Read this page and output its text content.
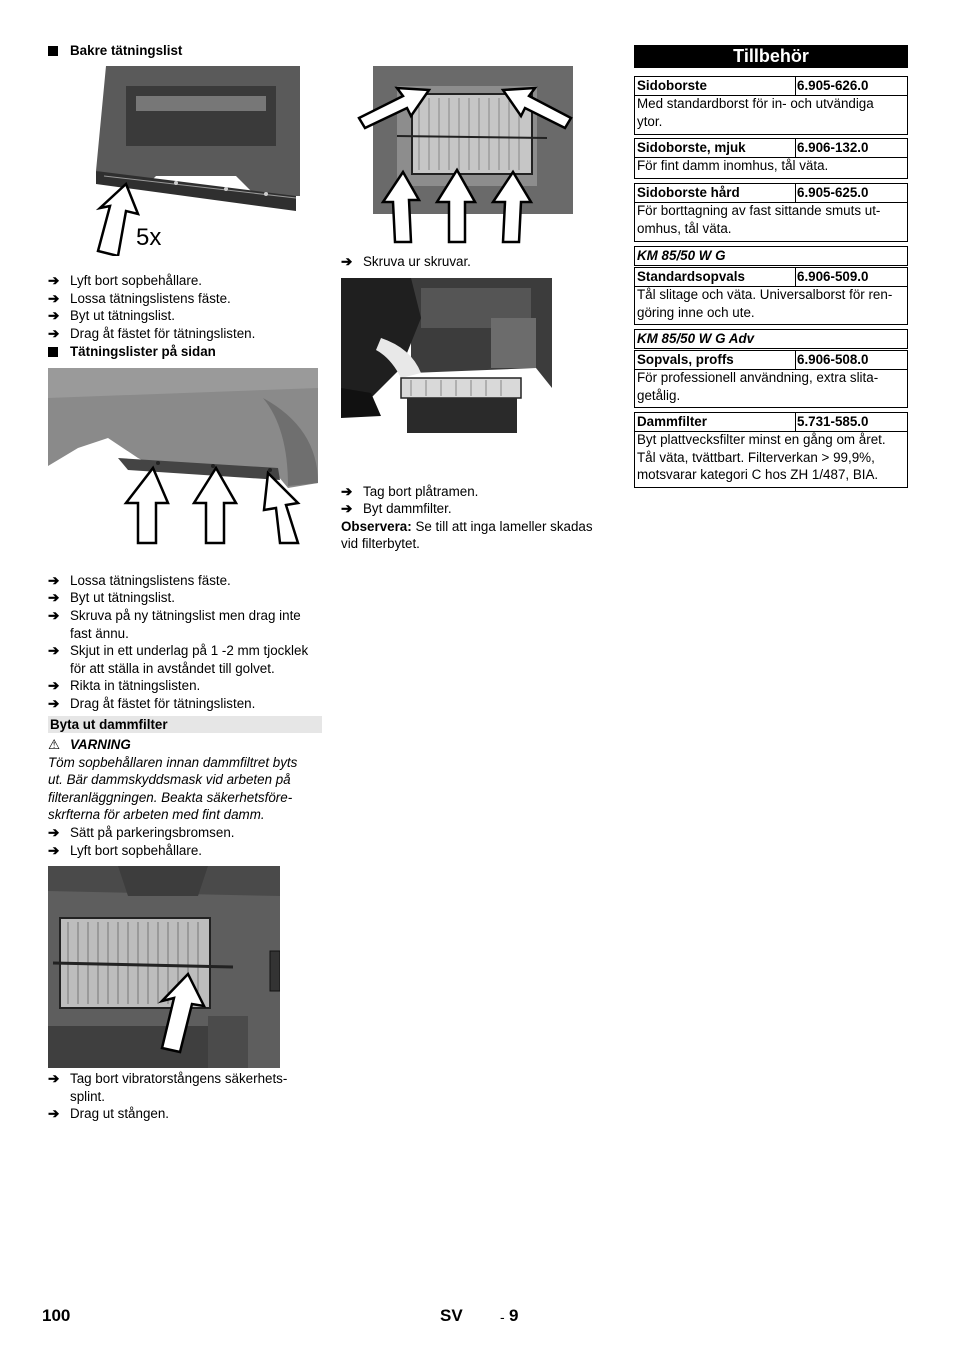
Bakre tätningslist
5x
➔ Lyft bort sopbehållare.
➔ Lossa tätningslistens fäste.
➔ Byt ut tätningslist.
➔ Drag åt fästet för tätningslisten.
Tätningslister på sidan
➔ Lossa tätningslistens fäste.
➔ Byt ut tätningslist.
➔ Skruva på ny tätningslist men drag inte
fast ännu.
➔ Skjut in ett underlag på 1 -2 mm tjocklek
för att ställa in avståndet till golvet.
➔ Rikta in tätningslisten.
➔ Drag åt fästet för tätningslisten.
Byta ut dammfilter
⚠ VARNING
Töm sopbehållaren innan dammfiltret byts
ut. Bär dammskyddsmask vid arbeten på
filteranläggningen. Beakta säkerhetsföre-
skrfterna för arbeten med fint damm.
➔ Sätt på parkeringsbromsen.
➔ Lyft bort sopbehållare.
➔ Tag bort vibratorstångens säkerhets-
splint.
➔ Drag ut stången.
➔ Skruva ur skruvar.
➔ Tag bort plåtramen.
➔ Byt dammfilter.
Observera: Se till att inga lameller skadas
vid filterbytet.
Tillbehör
Sidoborste	6.905-626.0
Med standardborst för in- och utvändiga
ytor.
Sidoborste, mjuk	6.906-132.0
För fint damm inomhus, tål väta.
Sidoborste hård	6.905-625.0
För borttagning av fast sittande smuts ut-
omhus, tål väta.
KM 85/50 W G
Standardsopvals	6.906-509.0
Tål slitage och väta. Universalborst för ren-
göring inne och ute.
KM 85/50 W G Adv
Sopvals, proffs	6.906-508.0
För professionell användning, extra slita-
getålig.
Dammfilter	5.731-585.0
Byt plattvecksfilter minst en gång om året.
Tål väta, tvättbart. Filterverkan > 99,9%,
motsvarar kategori C hos ZH 1/487, BIA.
100	SV	- 9
